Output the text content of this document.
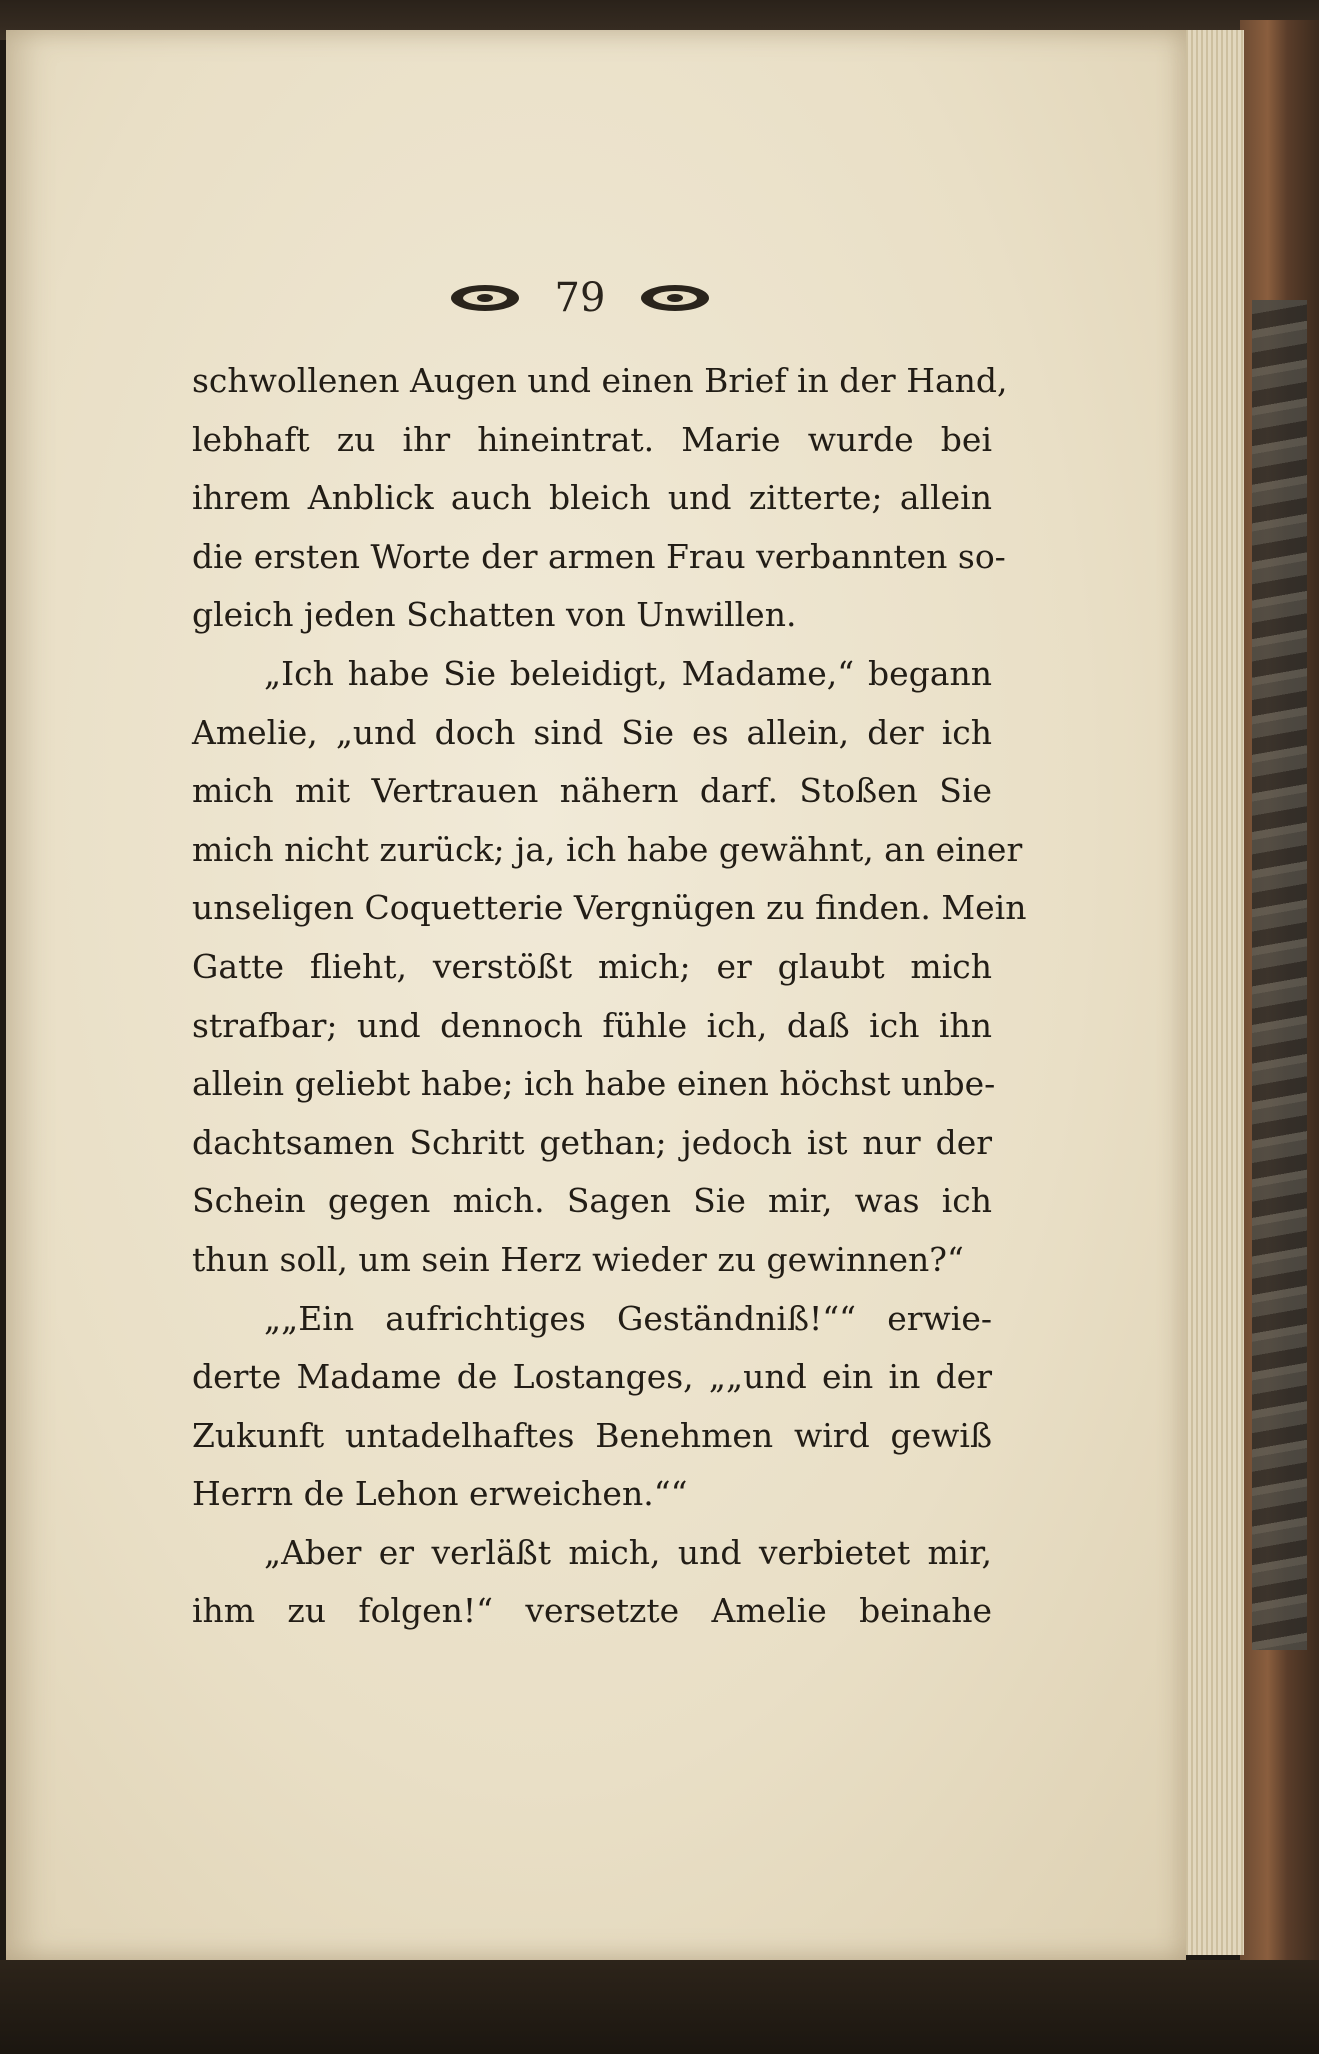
79
schwollenen Augen und einen Brief in der Hand,
lebhaft zu ihr hineintrat. Marie wurde bei
ihrem Anblick auch bleich und zitterte; allein
die ersten Worte der armen Frau verbannten so-
gleich jeden Schatten von Unwillen.
„Ich habe Sie beleidigt, Madame,“ begann
Amelie, „und doch sind Sie es allein, der ich
mich mit Vertrauen nähern darf. Stoßen Sie
mich nicht zurück; ja, ich habe gewähnt, an einer
unseligen Coquetterie Vergnügen zu finden. Mein
Gatte flieht, verstößt mich; er glaubt mich
strafbar; und dennoch fühle ich, daß ich ihn
allein geliebt habe; ich habe einen höchst unbe-
dachtsamen Schritt gethan; jedoch ist nur der
Schein gegen mich. Sagen Sie mir, was ich
thun soll, um sein Herz wieder zu gewinnen?“
„„Ein aufrichtiges Geständniß!““ erwie-
derte Madame de Lostanges, „„und ein in der
Zukunft untadelhaftes Benehmen wird gewiß
Herrn de Lehon erweichen.““
„Aber er verläßt mich, und verbietet mir,
ihm zu folgen!“ versetzte Amelie beinahe
